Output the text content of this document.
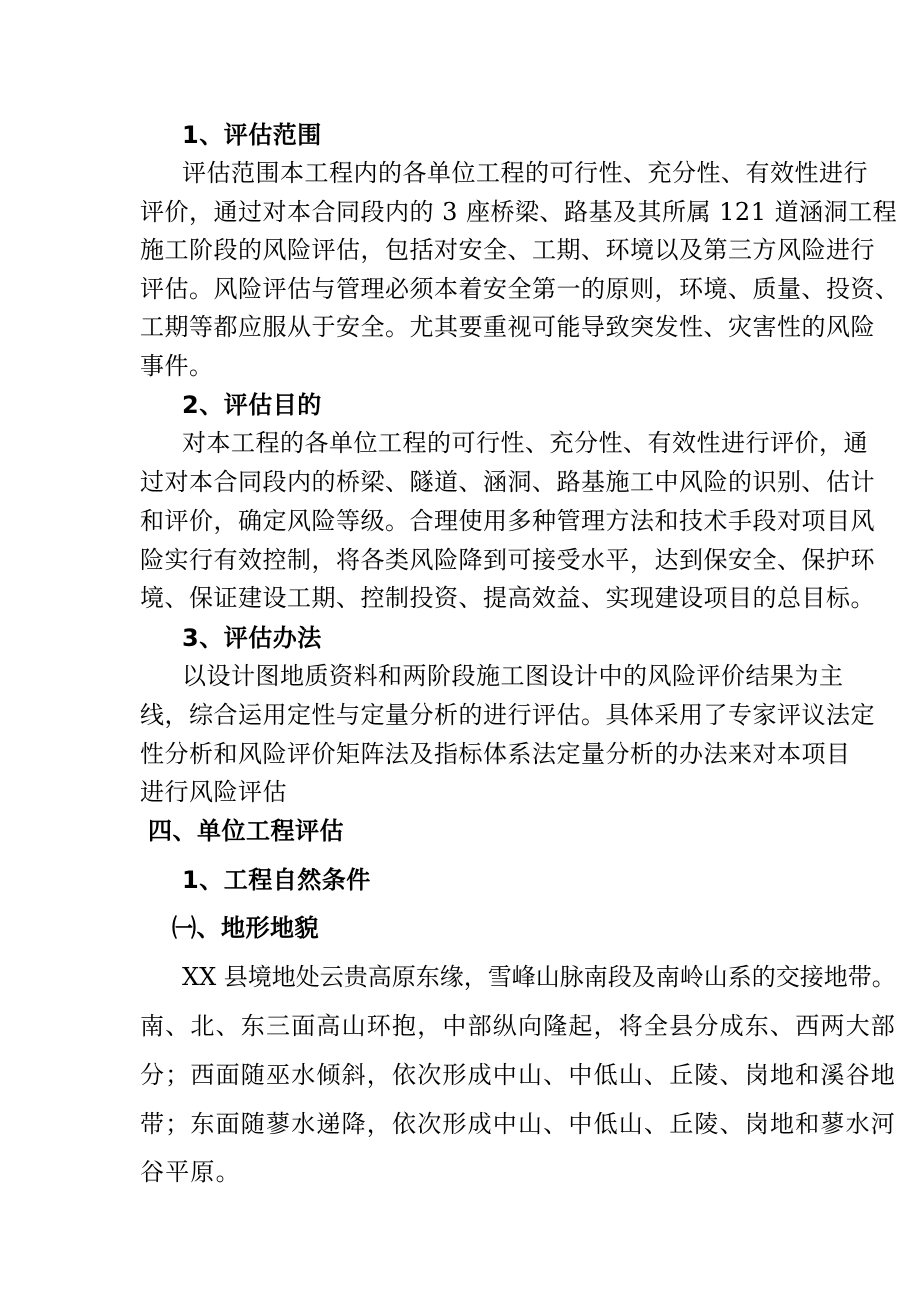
1、评估范围
评估范围本工程内的各单位工程的可行性、充分性、有效性进行
评价，通过对本合同段内的 3 座桥梁、路基及其所属 121 道涵洞工程
施工阶段的风险评估，包括对安全、工期、环境以及第三方风险进行
评估。风险评估与管理必须本着安全第一的原则，环境、质量、投资、
工期等都应服从于安全。尤其要重视可能导致突发性、灾害性的风险
事件。
2、评估目的
对本工程的各单位工程的可行性、充分性、有效性进行评价，通
过对本合同段内的桥梁、隧道、涵洞、路基施工中风险的识别、估计
和评价，确定风险等级。合理使用多种管理方法和技术手段对项目风
险实行有效控制，将各类风险降到可接受水平，达到保安全、保护环
境、保证建设工期、控制投资、提高效益、实现建设项目的总目标。
3、评估办法
以设计图地质资料和两阶段施工图设计中的风险评价结果为主
线，综合运用定性与定量分析的进行评估。具体采用了专家评议法定
性分析和风险评价矩阵法及指标体系法定量分析的办法来对本项目
进行风险评估
四、单位工程评估
1、工程自然条件
㈠、地形地貌
XX 县境地处云贵高原东缘，雪峰山脉南段及南岭山系的交接地带。
南、北、东三面高山环抱，中部纵向隆起，将全县分成东、西两大部
分；西面随巫水倾斜，依次形成中山、中低山、丘陵、岗地和溪谷地
带；东面随蓼水递降，依次形成中山、中低山、丘陵、岗地和蓼水河
谷平原。
